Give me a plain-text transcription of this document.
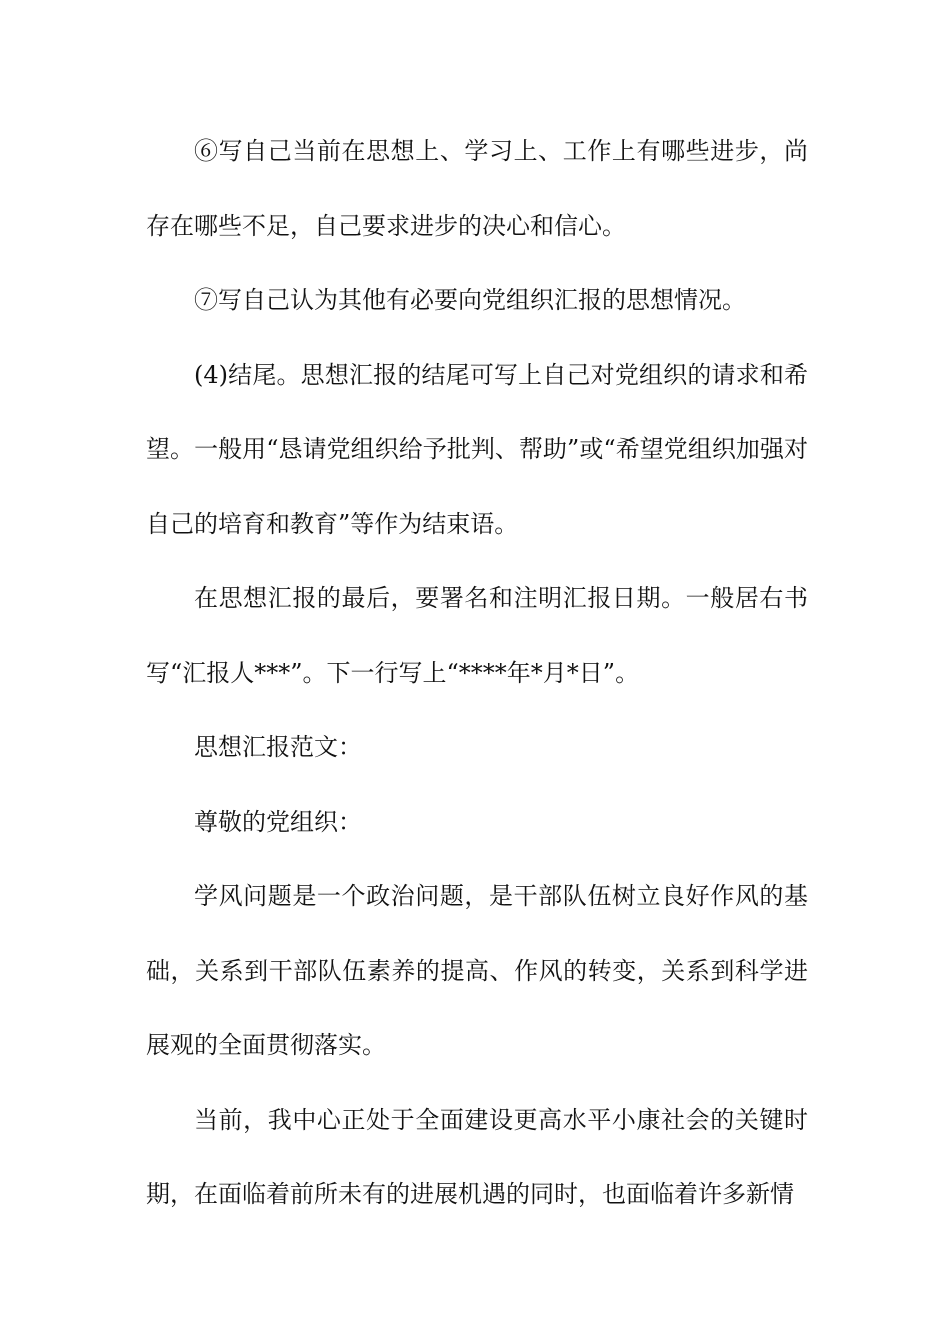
⑥写自己当前在思想上、学习上、工作上有哪些进步，尚存在哪些不足，自己要求进步的决心和信心。

⑦写自己认为其他有必要向党组织汇报的思想情况。

(4)结尾。思想汇报的结尾可写上自己对党组织的请求和希望。一般用“恳请党组织给予批判、帮助”或“希望党组织加强对自己的培育和教育”等作为结束语。

在思想汇报的最后，要署名和注明汇报日期。一般居右书写“汇报人***”。下一行写上“****年*月*日”。

思想汇报范文：

尊敬的党组织：

学风问题是一个政治问题，是干部队伍树立良好作风的基础，关系到干部队伍素养的提高、作风的转变，关系到科学进展观的全面贯彻落实。

当前，我中心正处于全面建设更高水平小康社会的关键时期，在面临着前所未有的进展机遇的同时，也面临着许多新情
